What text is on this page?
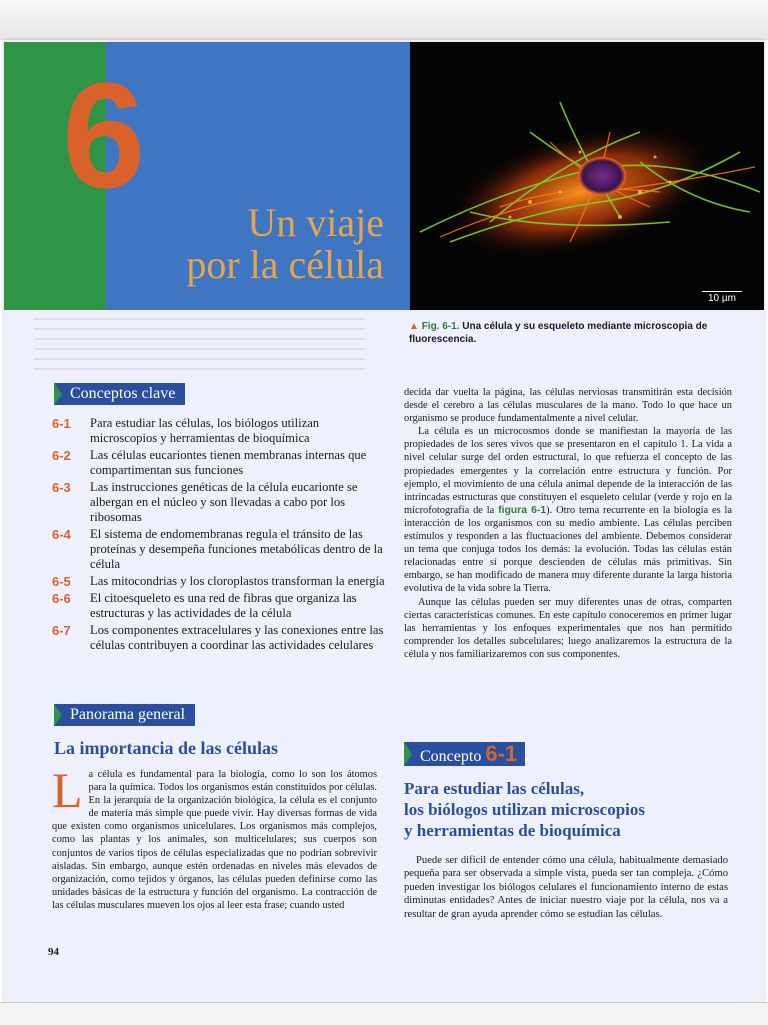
6
Un viaje
por la célula
10 µm
▲ Fig. 6-1. Una célula y su esqueleto mediante microscopia de fluorescencia.
Conceptos clave
6-1	Para estudiar las células, los biólogos utilizan microscopios y herramientas de bioquímica
6-2	Las células eucariontes tienen membranas internas que compartimentan sus funciones
6-3	Las instrucciones genéticas de la célula eucarionte se albergan en el núcleo y son llevadas a cabo por los ribosomas
6-4	El sistema de endomembranas regula el tránsito de las proteínas y desempeña funciones metabólicas dentro de la célula
6-5	Las mitocondrias y los cloroplastos transforman la energía
6-6	El citoesqueleto es una red de fibras que organiza las estructuras y las actividades de la célula
6-7	Los componentes extracelulares y las conexiones entre las células contribuyen a coordinar las actividades celulares
Panorama general
La importancia de las células
La célula es fundamental para la biología, como lo son los átomos para la química. Todos los organismos están constituidos por células. En la jerarquía de la organización biológica, la célula es el conjunto de materia más simple que puede vivir. Hay diversas formas de vida que existen como organismos unicelulares. Los organismos más complejos, como las plantas y los animales, son multicelulares; sus cuerpos son conjuntos de varios tipos de células especializadas que no podrían sobrevivir aisladas. Sin embargo, aunque estén ordenadas en niveles más elevados de organización, como tejidos y órganos, las células pueden definirse como las unidades básicas de la estructura y función del organismo. La contracción de las células musculares mueven los ojos al leer esta frase; cuando usted
94

decida dar vuelta la página, las células nerviosas transmitirán esta decisión desde el cerebro a las células musculares de la mano. Todo lo que hace un organismo se produce fundamentalmente a nivel celular.

La célula es un microcosmos donde se manifiestan la mayoría de las propiedades de los seres vivos que se presentaron en el capítulo 1. La vida a nivel celular surge del orden estructural, lo que refuerza el concepto de las propiedades emergentes y la correlación entre estructura y función. Por ejemplo, el movimiento de una célula animal depende de la interacción de las intrincadas estructuras que constituyen el esqueleto celular (verde y rojo en la microfotografía de la figura 6-1). Otro tema recurrente en la biología es la interacción de los organismos con su medio ambiente. Las células perciben estímulos y responden a las fluctuaciones del ambiente. Debemos considerar un tema que conjuga todos los demás: la evolución. Todas las células están relacionadas entre sí porque descienden de células más primitivas. Sin embargo, se han modificado de manera muy diferente durante la larga historia evolutiva de la vida sobre la Tierra.

Aunque las células pueden ser muy diferentes unas de otras, comparten ciertas características comunes. En este capítulo conoceremos en primer lugar las herramientas y los enfoques experimentales que nos han permitido comprender los detalles subcelulares; luego analizaremos la estructura de la célula y nos familiarizaremos con sus componentes.

Concepto 6-1
Para estudiar las células,
los biólogos utilizan microscopios
y herramientas de bioquímica
Puede ser difícil de entender cómo una célula, habitualmente demasiado pequeña para ser observada a simple vista, pueda ser tan compleja. ¿Cómo pueden investigar los biólogos celulares el funcionamiento interno de estas diminutas entidades? Antes de iniciar nuestro viaje por la célula, nos va a resultar de gran ayuda aprender cómo se estudian las células.
